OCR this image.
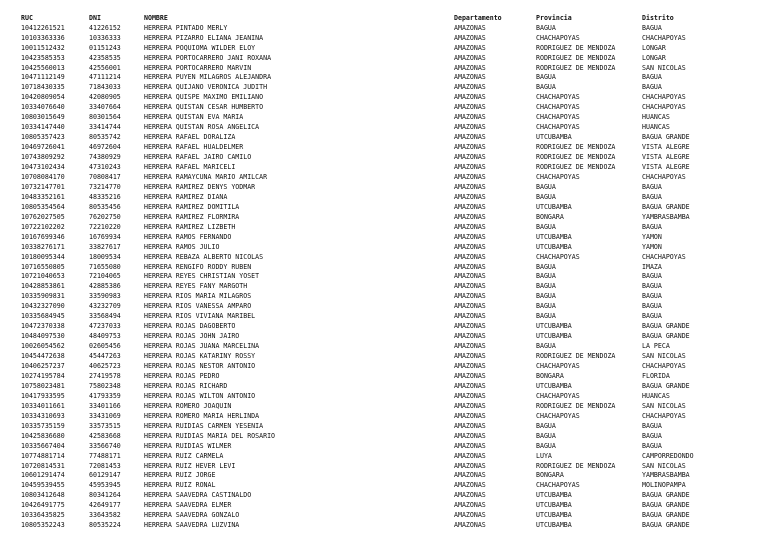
RUC	DNI	NOMBRE	Departamento	Provincia	Distrito
10412261521	41226152	HERRERA PINTADO MERLY	AMAZONAS	BAGUA	BAGUA
10103363336	10336333	HERRERA PIZARRO ELIANA JEANINA	AMAZONAS	CHACHAPOYAS	CHACHAPOYAS
10011512432	01151243	HERRERA POQUIOMA WILDER ELOY	AMAZONAS	RODRIGUEZ DE MENDOZA	LONGAR
10423585353	42358535	HERRERA PORTOCARRERO JANI ROXANA	AMAZONAS	RODRIGUEZ DE MENDOZA	LONGAR
10425560013	42556001	HERRERA PORTOCARRERO MARVIN	AMAZONAS	RODRIGUEZ DE MENDOZA	SAN NICOLAS
10471112149	47111214	HERRERA PUYEN MILAGROS ALEJANDRA	AMAZONAS	BAGUA	BAGUA
10718430335	71843033	HERRERA QUIJANO VERONICA JUDITH	AMAZONAS	BAGUA	BAGUA
10420809054	42080905	HERRERA QUISPE MAXIMO EMILIANO	AMAZONAS	CHACHAPOYAS	CHACHAPOYAS
10334076640	33407664	HERRERA QUISTAN CESAR HUMBERTO	AMAZONAS	CHACHAPOYAS	CHACHAPOYAS
10803015649	80301564	HERRERA QUISTAN EVA MARIA	AMAZONAS	CHACHAPOYAS	HUANCAS
10334147440	33414744	HERRERA QUISTAN ROSA ANGELICA	AMAZONAS	CHACHAPOYAS	HUANCAS
10805357423	80535742	HERRERA RAFAEL DORALIZA	AMAZONAS	UTCUBAMBA	BAGUA GRANDE
10469726041	46972604	HERRERA RAFAEL HUALDELMER	AMAZONAS	RODRIGUEZ DE MENDOZA	VISTA ALEGRE
10743809292	74380929	HERRERA RAFAEL JAIRO CAMILO	AMAZONAS	RODRIGUEZ DE MENDOZA	VISTA ALEGRE
10473102434	47310243	HERRERA RAFAEL MARICELI	AMAZONAS	RODRIGUEZ DE MENDOZA	VISTA ALEGRE
10708084170	70808417	HERRERA RAMAYCUNA MARIO AMILCAR	AMAZONAS	CHACHAPOYAS	CHACHAPOYAS
10732147701	73214770	HERRERA RAMIREZ DENYS YODMAR	AMAZONAS	BAGUA	BAGUA
10483352161	48335216	HERRERA RAMIREZ DIANA	AMAZONAS	BAGUA	BAGUA
10805354564	80535456	HERRERA RAMIREZ DOMITILA	AMAZONAS	UTCUBAMBA	BAGUA GRANDE
10762027505	76202750	HERRERA RAMIREZ FLORMIRA	AMAZONAS	BONGARA	YAMBRASBAMBA
10722102202	72210220	HERRERA RAMIREZ LIZBETH	AMAZONAS	BAGUA	BAGUA
10167699346	16769934	HERRERA RAMOS FERNANDO	AMAZONAS	UTCUBAMBA	YAMON
10338276171	33827617	HERRERA RAMOS JULIO	AMAZONAS	UTCUBAMBA	YAMON
10180095344	18009534	HERRERA REBAZA ALBERTO NICOLAS	AMAZONAS	CHACHAPOYAS	CHACHAPOYAS
10716550805	71655080	HERRERA RENGIFO RODDY RUBEN	AMAZONAS	BAGUA	IMAZA
10721040653	72104065	HERRERA REYES CHRISTIAN YOSET	AMAZONAS	BAGUA	BAGUA
10428853861	42885386	HERRERA REYES FANY MARGOTH	AMAZONAS	BAGUA	BAGUA
10335909831	33590983	HERRERA RIOS MARIA MILAGROS	AMAZONAS	BAGUA	BAGUA
10432327090	43232709	HERRERA RIOS VANESSA AMPARO	AMAZONAS	BAGUA	BAGUA
10335684945	33568494	HERRERA RIOS VIVIANA MARIBEL	AMAZONAS	BAGUA	BAGUA
10472370338	47237033	HERRERA ROJAS DAGOBERTO	AMAZONAS	UTCUBAMBA	BAGUA GRANDE
10484097530	48409753	HERRERA ROJAS JOHN JAIRO	AMAZONAS	UTCUBAMBA	BAGUA GRANDE
10026054562	02605456	HERRERA ROJAS JUANA MARCELINA	AMAZONAS	BAGUA	LA PECA
10454472638	45447263	HERRERA ROJAS KATARINY ROSSY	AMAZONAS	RODRIGUEZ DE MENDOZA	SAN NICOLAS
10406257237	40625723	HERRERA ROJAS NESTOR ANTONIO	AMAZONAS	CHACHAPOYAS	CHACHAPOYAS
10274195784	27419578	HERRERA ROJAS PEDRO	AMAZONAS	BONGARA	FLORIDA
10758023481	75802348	HERRERA ROJAS RICHARD	AMAZONAS	UTCUBAMBA	BAGUA GRANDE
10417933595	41793359	HERRERA ROJAS WILTON ANTONIO	AMAZONAS	CHACHAPOYAS	HUANCAS
10334011661	33401166	HERRERA ROMERO JOAQUIN	AMAZONAS	RODRIGUEZ DE MENDOZA	SAN NICOLAS
10334310693	33431069	HERRERA ROMERO MARIA HERLINDA	AMAZONAS	CHACHAPOYAS	CHACHAPOYAS
10335735159	33573515	HERRERA RUIDIAS CARMEN YESENIA	AMAZONAS	BAGUA	BAGUA
10425836680	42583668	HERRERA RUIDIAS MARIA DEL ROSARIO	AMAZONAS	BAGUA	BAGUA
10335667404	33566740	HERRERA RUIDIAS WILMER	AMAZONAS	BAGUA	BAGUA
10774881714	77488171	HERRERA RUIZ CARMELA	AMAZONAS	LUYA	CAMPORREDONDO
10720814531	72081453	HERRERA RUIZ HEVER LEVI	AMAZONAS	RODRIGUEZ DE MENDOZA	SAN NICOLAS
10601291474	60129147	HERRERA RUIZ JORGE	AMAZONAS	BONGARA	YAMBRASBAMBA
10459539455	45953945	HERRERA RUIZ RONAL	AMAZONAS	CHACHAPOYAS	MOLINOPAMPA
10803412648	80341264	HERRERA SAAVEDRA CASTINALDO	AMAZONAS	UTCUBAMBA	BAGUA GRANDE
10426491775	42649177	HERRERA SAAVEDRA ELMER	AMAZONAS	UTCUBAMBA	BAGUA GRANDE
10336435825	33643582	HERRERA SAAVEDRA GONZALO	AMAZONAS	UTCUBAMBA	BAGUA GRANDE
10805352243	80535224	HERRERA SAAVEDRA LUZVINA	AMAZONAS	UTCUBAMBA	BAGUA GRANDE
